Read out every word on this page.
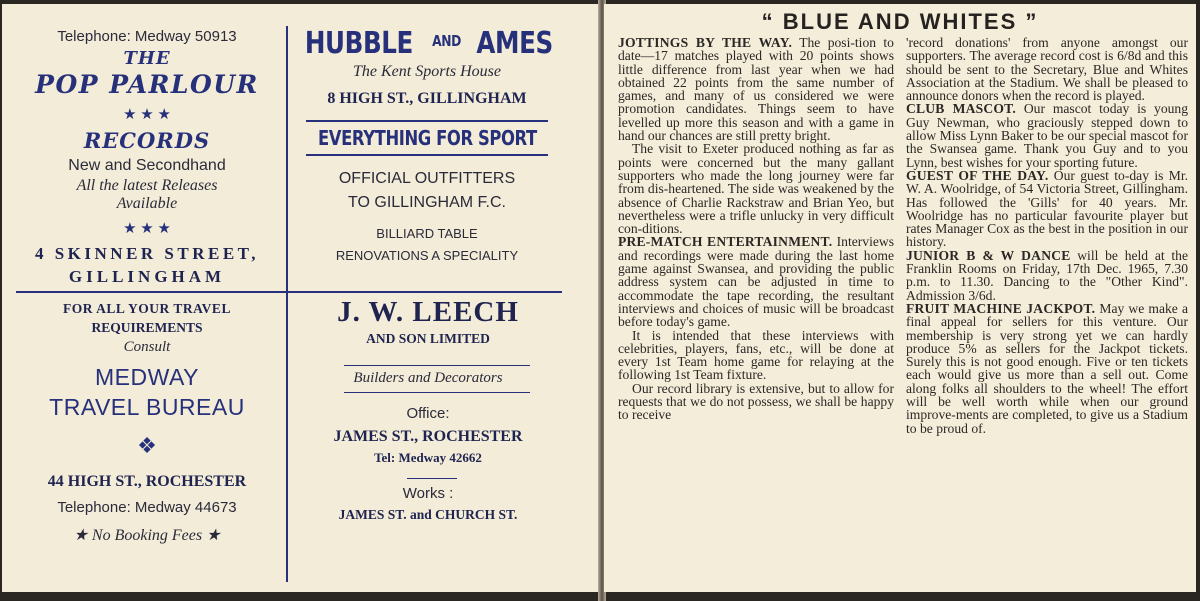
Telephone: Medway 50913
THE
POP PARLOUR
★ ★ ★
RECORDS
New and Secondhand
All the latest Releases
Available
★ ★ ★
4 SKINNER STREET,
GILLINGHAM
HUBBLE AND AMES
The Kent Sports House
8 HIGH ST., GILLINGHAM
EVERYTHING FOR SPORT
OFFICIAL OUTFITTERS
TO GILLINGHAM F.C.
BILLIARD TABLE
RENOVATIONS A SPECIALITY
FOR ALL YOUR TRAVEL
REQUIREMENTS
Consult
MEDWAY
TRAVEL BUREAU
❖
44 HIGH ST., ROCHESTER
Telephone: Medway 44673
★ No Booking Fees ★
J. W. LEECH
AND SON LIMITED
Builders and Decorators
Office:
JAMES ST., ROCHESTER
Tel: Medway 42662
Works :
JAMES ST. and CHURCH ST.
“ BLUE AND WHITES ”

JOTTINGS BY THE WAY. The posi-tion to date—17 matches played with 20 points shows little difference from last year when we had obtained 22 points from the same number of games, and many of us considered we were promotion candidates. Things seem to have levelled up more this season and with a game in hand our chances are still pretty bright.

The visit to Exeter produced nothing as far as points were concerned but the many gallant supporters who made the long journey were far from dis-heartened. The side was weakened by the absence of Charlie Rackstraw and Brian Yeo, but nevertheless were a trifle unlucky in very difficult con-ditions.

PRE-MATCH ENTERTAINMENT. Interviews and recordings were made during the last home game against Swansea, and providing the public address system can be adjusted in time to accommodate the tape recording, the resultant interviews and choices of music will be broadcast before today's game.

It is intended that these interviews with celebrities, players, fans, etc., will be done at every 1st Team home game for relaying at the following 1st Team fixture.

Our record library is extensive, but to allow for requests that we do not possess, we shall be happy to receive

'record donations' from anyone amongst our supporters. The average record cost is 6/8d and this should be sent to the Secretary, Blue and Whites Association at the Stadium. We shall be pleased to announce donors when the record is played.

CLUB MASCOT. Our mascot today is young Guy Newman, who graciously stepped down to allow Miss Lynn Baker to be our special mascot for the Swansea game. Thank you Guy and to you Lynn, best wishes for your sporting future.

GUEST OF THE DAY. Our guest to-day is Mr. W. A. Woolridge, of 54 Victoria Street, Gillingham. Has followed the 'Gills' for 40 years. Mr. Woolridge has no particular favourite player but rates Manager Cox as the best in the position in our history.

JUNIOR B & W DANCE will be held at the Franklin Rooms on Friday, 17th Dec. 1965, 7.30 p.m. to 11.30. Dancing to the "Other Kind". Admission 3/6d.

FRUIT MACHINE JACKPOT. May we make a final appeal for sellers for this venture. Our membership is very strong yet we can hardly produce 5% as sellers for the Jackpot tickets. Surely this is not good enough. Five or ten tickets each would give us more than a sell out. Come along folks all shoulders to the wheel! The effort will be well worth while when our ground improve-ments are completed, to give us a Stadium to be proud of.
